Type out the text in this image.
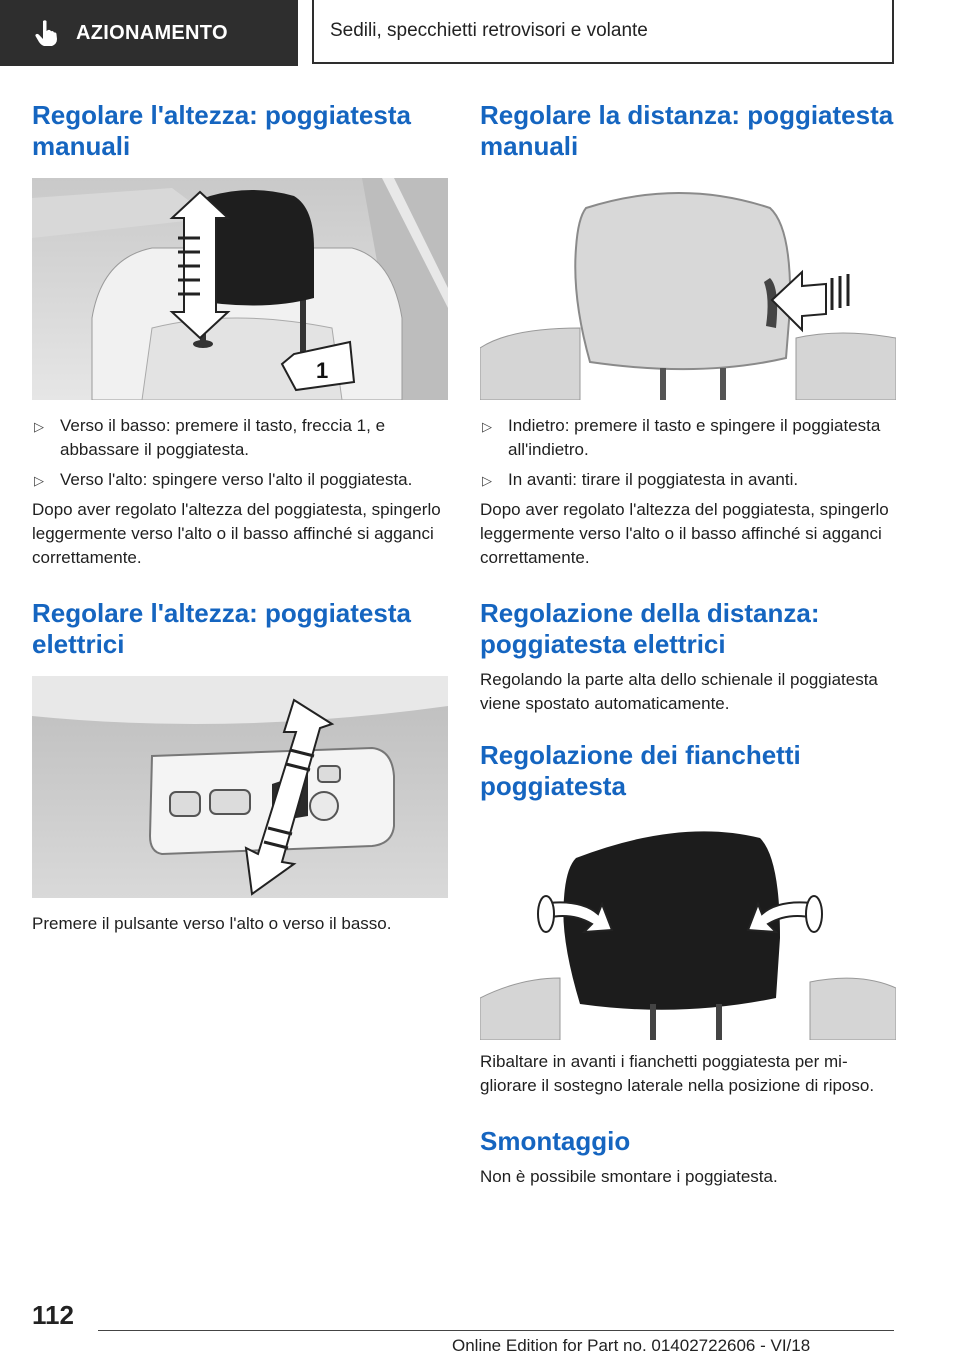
AZIONAMENTO	Sedili, specchietti retrovisori e volante
Regolare l'altezza: poggiatesta manuali
1
▷ Verso il basso: premere il tasto, freccia 1, e abbassare il poggiatesta.
▷ Verso l'alto: spingere verso l'alto il poggiatesta.

Dopo aver regolato l'altezza del poggiatesta, spingerlo leggermente verso l'alto o il basso affinché si agganci correttamente.

Regolare l'altezza: poggiatesta elettrici

Premere il pulsante verso l'alto o verso il basso.

Regolare la distanza: poggiatesta manuali
▷ Indietro: premere il tasto e spingere il poggiatesta all'indietro.
▷ In avanti: tirare il poggiatesta in avanti.

Dopo aver regolato l'altezza del poggiatesta, spingerlo leggermente verso l'alto o il basso affinché si agganci correttamente.

Regolazione della distanza: poggiatesta elettrici

Regolando la parte alta dello schienale il poggiatesta viene spostato automaticamente.

Regolazione dei fianchetti poggiatesta

Ribaltare in avanti i fianchetti poggiatesta per migliorare il sostegno laterale nella posizione di riposo.

Smontaggio

Non è possibile smontare i poggiatesta.

112
Online Edition for Part no. 01402722606 - VI/18
